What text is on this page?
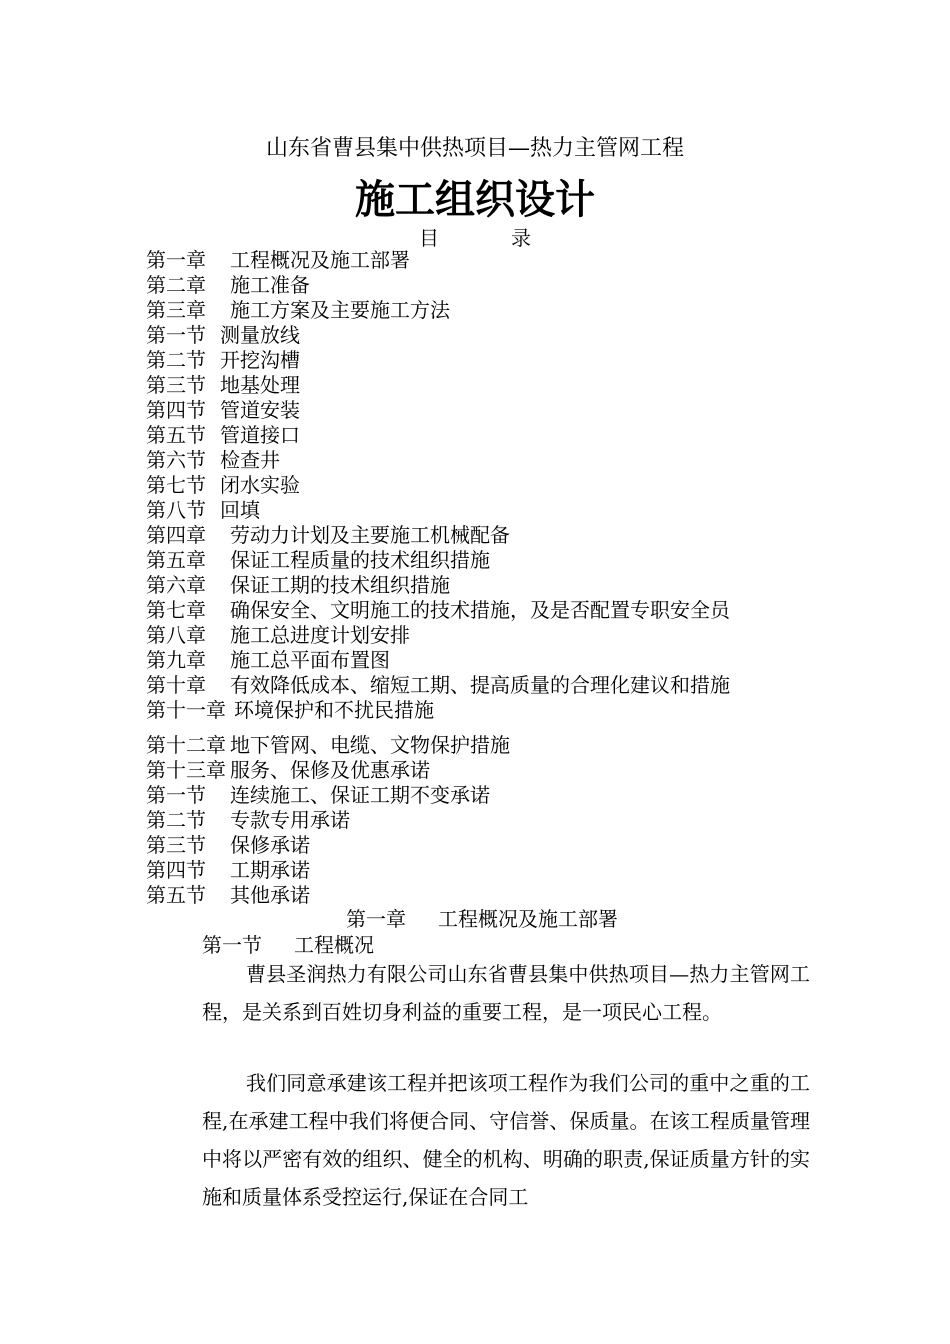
山东省曹县集中供热项目—热力主管网工程
施工组织设计
目	录
第一章 工程概况及施工部署
第二章 施工准备
第三章 施工方案及主要施工方法
第一节 测量放线
第二节 开挖沟槽
第三节 地基处理
第四节 管道安装
第五节 管道接口
第六节 检查井
第七节 闭水实验
第八节 回填
第四章 劳动力计划及主要施工机械配备
第五章 保证工程质量的技术组织措施
第六章 保证工期的技术组织措施
第七章 确保安全、文明施工的技术措施，及是否配置专职安全员
第八章 施工总进度计划安排
第九章 施工总平面布置图
第十章 有效降低成本、缩短工期、提高质量的合理化建议和措施
第十一章 环境保护和不扰民措施
第十二章 地下管网、电缆、文物保护措施
第十三章 服务、保修及优惠承诺
第一节 连续施工、保证工期不变承诺
第二节 专款专用承诺
第三节 保修承诺
第四节 工期承诺
第五节 其他承诺
第一章 工程概况及施工部署
第一节 工程概况

曹县圣润热力有限公司山东省曹县集中供热项目—热力主管网工程，是关系到百姓切身利益的重要工程，是一项民心工程。

我们同意承建该工程并把该项工程作为我们公司的重中之重的工程,在承建工程中我们将便合同、守信誉、保质量。在该工程质量管理中将以严密有效的组织、健全的机构、明确的职责,保证质量方针的实施和质量体系受控运行,保证在合同工
